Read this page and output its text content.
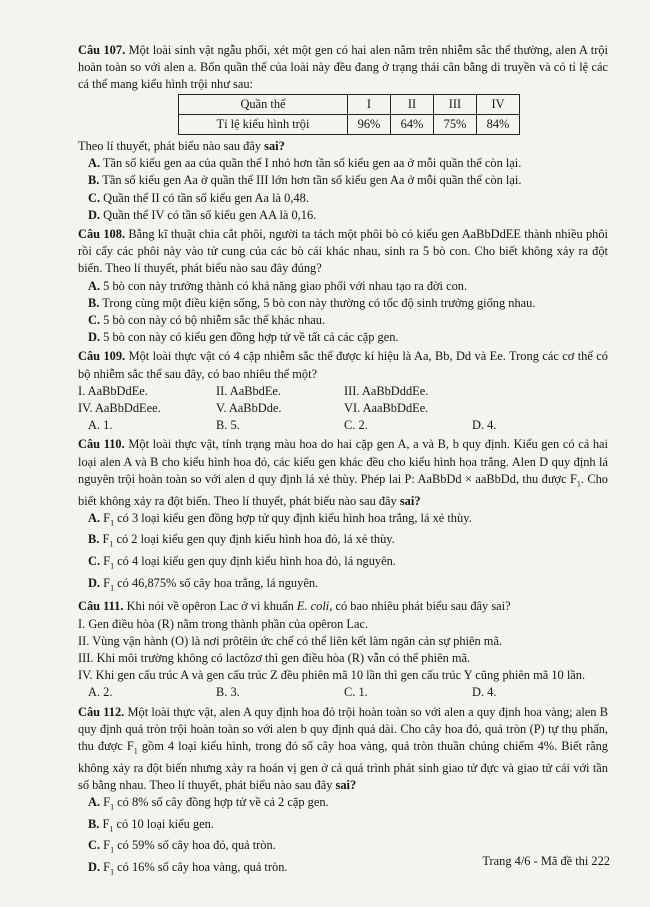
Câu 107. Một loài sinh vật ngẫu phối, xét một gen có hai alen nằm trên nhiễm sắc thể thường, alen A trội hoàn toàn so với alen a. Bốn quần thể của loài này đều đang ở trạng thái cân bằng di truyền và có tỉ lệ các cá thể mang kiểu hình trội như sau:

Quần thể	I	II	III	IV
Tỉ lệ kiểu hình trội	96%	64%	75%	84%

Theo lí thuyết, phát biểu nào sau đây sai?

A. Tần số kiểu gen aa của quần thể I nhỏ hơn tần số kiểu gen aa ở mỗi quần thể còn lại.

B. Tần số kiểu gen Aa ở quần thể III lớn hơn tần số kiểu gen Aa ở mỗi quần thể còn lại.

C. Quần thể II có tần số kiểu gen Aa là 0,48.

D. Quần thể IV có tần số kiểu gen AA là 0,16.

Câu 108. Bằng kĩ thuật chia cắt phôi, người ta tách một phôi bò có kiểu gen AaBbDdEE thành nhiều phôi rồi cấy các phôi này vào tử cung của các bò cái khác nhau, sinh ra 5 bò con. Cho biết không xảy ra đột biến. Theo lí thuyết, phát biểu nào sau đây đúng?

A. 5 bò con này trưởng thành có khả năng giao phối với nhau tạo ra đời con.

B. Trong cùng một điều kiện sống, 5 bò con này thường có tốc độ sinh trưởng giống nhau.

C. 5 bò con này có bộ nhiễm sắc thể khác nhau.

D. 5 bò con này có kiểu gen đồng hợp tử về tất cả các cặp gen.

Câu 109. Một loài thực vật có 4 cặp nhiễm sắc thể được kí hiệu là Aa, Bb, Dd và Ee. Trong các cơ thể có bộ nhiễm sắc thể sau đây, có bao nhiêu thể một?

I. AaBbDdEe.	II. AaBbdEe.	III. AaBbDddEe.
IV. AaBbDdEee.	V. AaBbDde.	VI. AaaBbDdEe.
A. 1.	B. 5.	C. 2.	D. 4.

Câu 110. Một loài thực vật, tính trạng màu hoa do hai cặp gen A, a và B, b quy định. Kiểu gen có cả hai loại alen A và B cho kiểu hình hoa đỏ, các kiểu gen khác đều cho kiểu hình hoa trắng. Alen D quy định lá nguyên trội hoàn toàn so với alen d quy định lá xẻ thùy. Phép lai P: AaBbDd × aaBbDd, thu được $F_1$. Cho biết không xảy ra đột biến. Theo lí thuyết, phát biểu nào sau đây sai?

A. $F_1$ có 3 loại kiểu gen đồng hợp tử quy định kiểu hình hoa trắng, lá xẻ thùy.

B. $F_1$ có 2 loại kiểu gen quy định kiểu hình hoa đỏ, lá xẻ thùy.

C. $F_1$ có 4 loại kiểu gen quy định kiểu hình hoa đỏ, lá nguyên.

D. $F_1$ có 46,875% số cây hoa trắng, lá nguyên.

Câu 111. Khi nói về opêron Lac ở vi khuẩn E. coli, có bao nhiêu phát biểu sau đây sai?

I. Gen điều hòa (R) nằm trong thành phần của opêron Lac.

II. Vùng vận hành (O) là nơi prôtêin ức chế có thể liên kết làm ngăn cản sự phiên mã.

III. Khi môi trường không có lactôzơ thì gen điều hòa (R) vẫn có thể phiên mã.

IV. Khi gen cấu trúc A và gen cấu trúc Z đều phiên mã 10 lần thì gen cấu trúc Y cũng phiên mã 10 lần.

A. 2.	B. 3.	C. 1.	D. 4.

Câu 112. Một loài thực vật, alen A quy định hoa đỏ trội hoàn toàn so với alen a quy định hoa vàng; alen B quy định quả tròn trội hoàn toàn so với alen b quy định quả dài. Cho cây hoa đỏ, quả tròn (P) tự thụ phấn, thu được $F_1$ gồm 4 loại kiểu hình, trong đó số cây hoa vàng, quả tròn thuần chủng chiếm 4%. Biết rằng không xảy ra đột biến nhưng xảy ra hoán vị gen ở cả quá trình phát sinh giao tử đực và giao tử cái với tần số bằng nhau. Theo lí thuyết, phát biểu nào sau đây sai?

A. $F_1$ có 8% số cây đồng hợp tử về cả 2 cặp gen.

B. $F_1$ có 10 loại kiểu gen.

C. $F_1$ có 59% số cây hoa đỏ, quả tròn.

D. $F_1$ có 16% số cây hoa vàng, quả tròn.	Trang 4/6 - Mã đề thi 222
